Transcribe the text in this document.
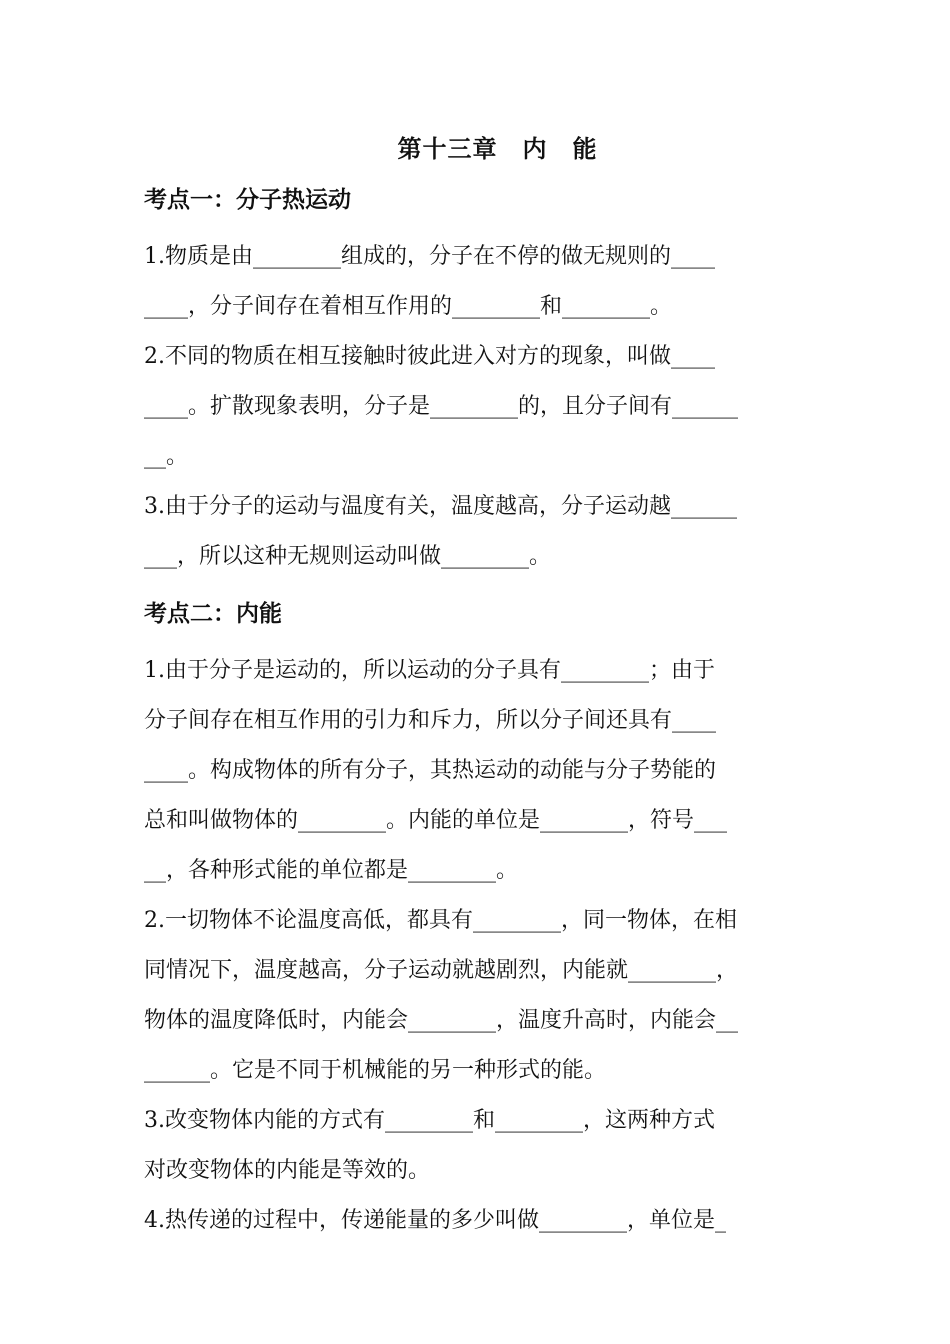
第十三章　内　能
考点一：分子热运动
1.物质是由________组成的，分子在不停的做无规则的____
____，分子间存在着相互作用的________和________。
2.不同的物质在相互接触时彼此进入对方的现象，叫做____
____。扩散现象表明，分子是________的，且分子间有______
__。
3.由于分子的运动与温度有关，温度越高，分子运动越______
___，所以这种无规则运动叫做________。
考点二：内能
1.由于分子是运动的，所以运动的分子具有________；由于
分子间存在相互作用的引力和斥力，所以分子间还具有____
____。构成物体的所有分子，其热运动的动能与分子势能的
总和叫做物体的________。内能的单位是________，符号___
__，各种形式能的单位都是________。
2.一切物体不论温度高低，都具有________，同一物体，在相
同情况下，温度越高，分子运动就越剧烈，内能就________，
物体的温度降低时，内能会________，温度升高时，内能会__
______。它是不同于机械能的另一种形式的能。
3.改变物体内能的方式有________和________，这两种方式
对改变物体的内能是等效的。
4.热传递的过程中，传递能量的多少叫做________，单位是_
